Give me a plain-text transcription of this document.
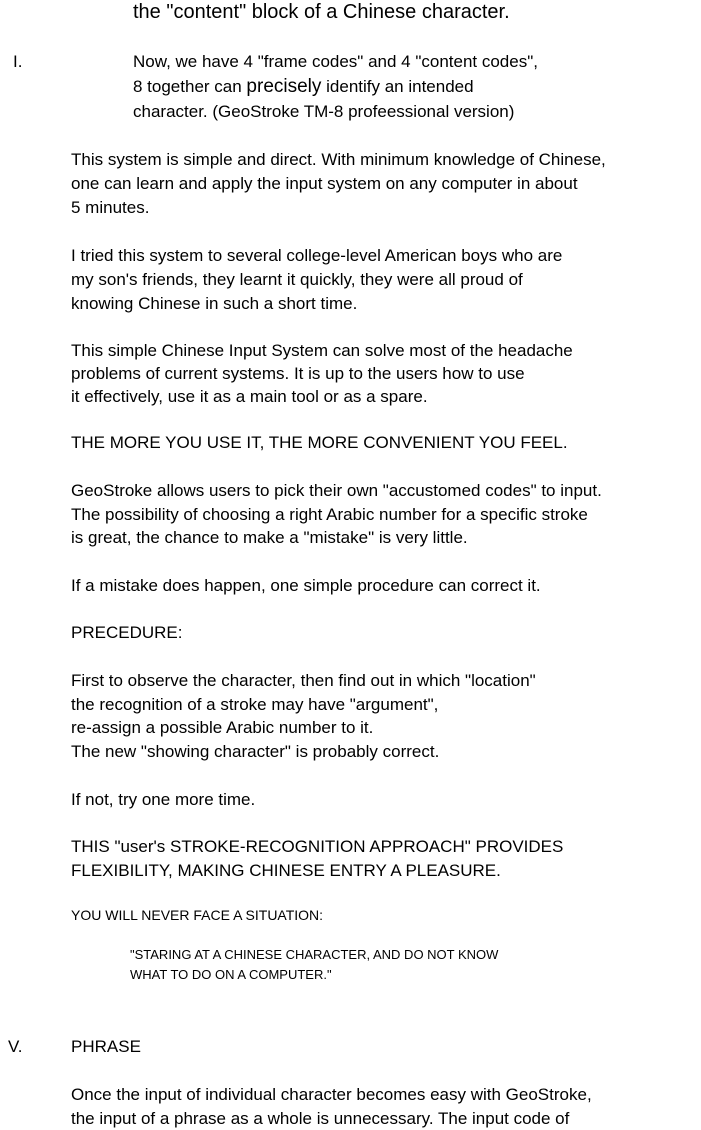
the "content" block of a Chinese character.
I.	Now, we have 4 "frame codes" and 4 "content codes",
8 together can precisely identify an intended
character. (GeoStroke TM-8 profeessional version)
This system is simple and direct. With minimum knowledge of Chinese,
one can learn and apply the input system on any computer in about
5 minutes.
I tried this system to several college-level American boys who are
my son's friends, they learnt it quickly, they were all proud of
knowing Chinese in such a short time.
This simple Chinese Input System can solve most of the headache
problems of current systems. It is up to the users how to use
it effectively, use it as a main tool or as a spare.
THE MORE YOU USE IT, THE MORE CONVENIENT YOU FEEL.
GeoStroke allows users to pick their own "accustomed codes" to input.
The possibility of choosing a right Arabic number for a specific stroke
is great, the chance to make a "mistake" is very little.
If a mistake does happen, one simple procedure can correct it.
PRECEDURE:
First to observe the character, then find out in which "location"
the recognition of a stroke may have "argument",
re-assign a possible Arabic number to it.
The new "showing character" is probably correct.
If not, try one more time.
THIS "user's STROKE-RECOGNITION APPROACH" PROVIDES
FLEXIBILITY, MAKING CHINESE ENTRY A PLEASURE.
YOU WILL NEVER FACE A SITUATION:
"STARING AT A CHINESE CHARACTER, AND DO NOT KNOW
WHAT TO DO ON A COMPUTER."
V.	PHRASE
Once the input of individual character becomes easy with GeoStroke,
the input of a phrase as a whole is unnecessary. The input code of
